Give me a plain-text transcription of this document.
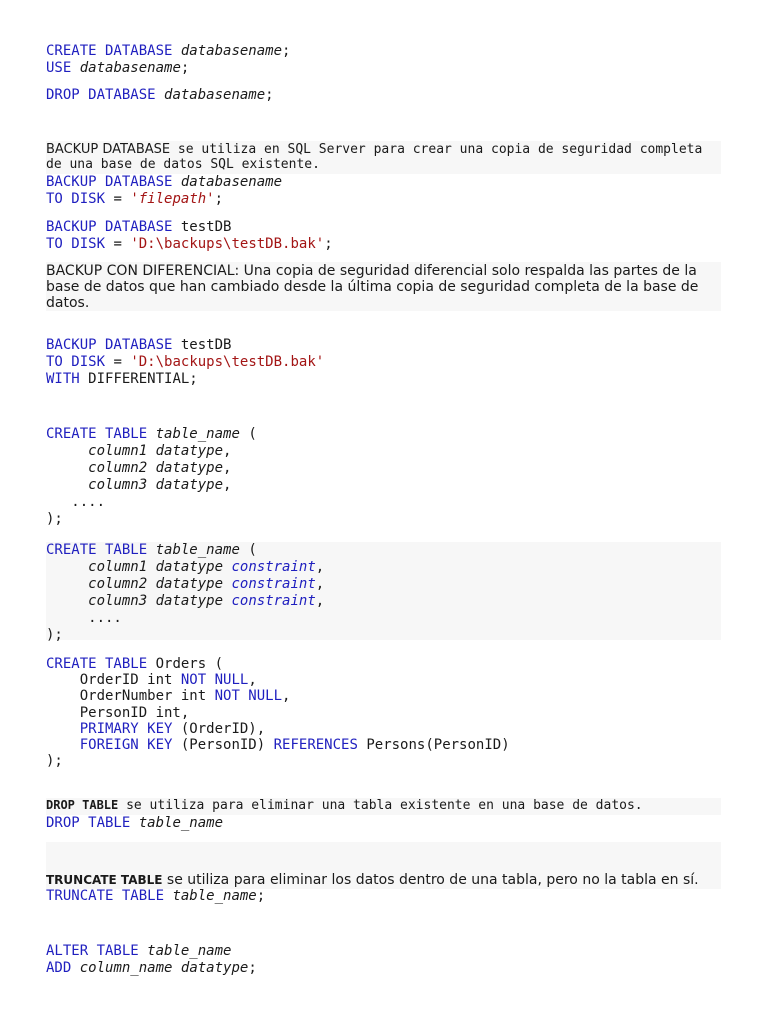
CREATE DATABASE databasename;
USE databasename;
DROP DATABASE databasename;
BACKUP DATABASE se utiliza en SQL Server para crear una copia de seguridad completa de una base de datos SQL existente.
BACKUP DATABASE databasename
TO DISK = 'filepath';
BACKUP DATABASE testDB
TO DISK = 'D:\backups\testDB.bak';
BACKUP CON DIFERENCIAL: Una copia de seguridad diferencial solo respalda las partes de la base de datos que han cambiado desde la última copia de seguridad completa de la base de datos.
BACKUP DATABASE testDB
TO DISK = 'D:\backups\testDB.bak'
WITH DIFFERENTIAL;
CREATE TABLE table_name (
column1 datatype,
column2 datatype,
column3 datatype,
....
);
CREATE TABLE table_name (
column1 datatype constraint,
column2 datatype constraint,
column3 datatype constraint,
....
);
CREATE TABLE Orders (
OrderID int NOT NULL,
OrderNumber int NOT NULL,
PersonID int,
PRIMARY KEY (OrderID),
FOREIGN KEY (PersonID) REFERENCES Persons(PersonID)
);
DROP TABLE se utiliza para eliminar una tabla existente en una base de datos.
DROP TABLE table_name
TRUNCATE TABLE se utiliza para eliminar los datos dentro de una tabla, pero no la tabla en sí.
TRUNCATE TABLE table_name;
ALTER TABLE table_name
ADD column_name datatype;
